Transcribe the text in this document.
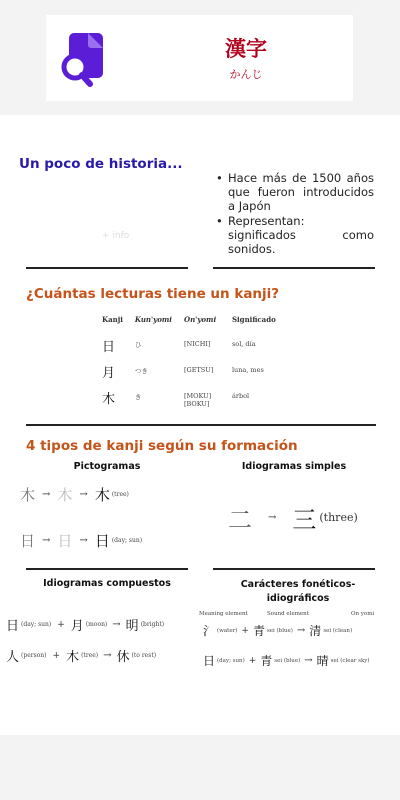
漢字
かんじ
Un poco de historia...
+ info
• Hace más de 1500 años que fueron introducidos a Japón
• Representan: significados como sonidos.
¿Cuántas lecturas tiene un kanji?
Kanji	Kun'yomi	On'yomi	Significado
日	ひ	[NICHI]	sol, día
月	つき	[GETSU]	luna, mes
木	き	[MOKU] [BOKU]	árbol
4 tipos de kanji según su formación
Pictogramas
木 → 木 → 木 (tree)
日 → 日 → 日 (day; sun)
Idiogramas simples
二 → 三 (three)
Idiogramas compuestos	Carácteres fonéticos-idiográficos
日 (day; sun) + 月 (moon) → 明 (bright)
人 (person) + 木 (tree) → 休 (to rest)
Meaning element	Sound element	On yomi
氵 (water) + 青 sei (blue) → 清 sei (clean)
日 (day; sun) + 青 sei (blue) → 晴 sei (clear sky)
